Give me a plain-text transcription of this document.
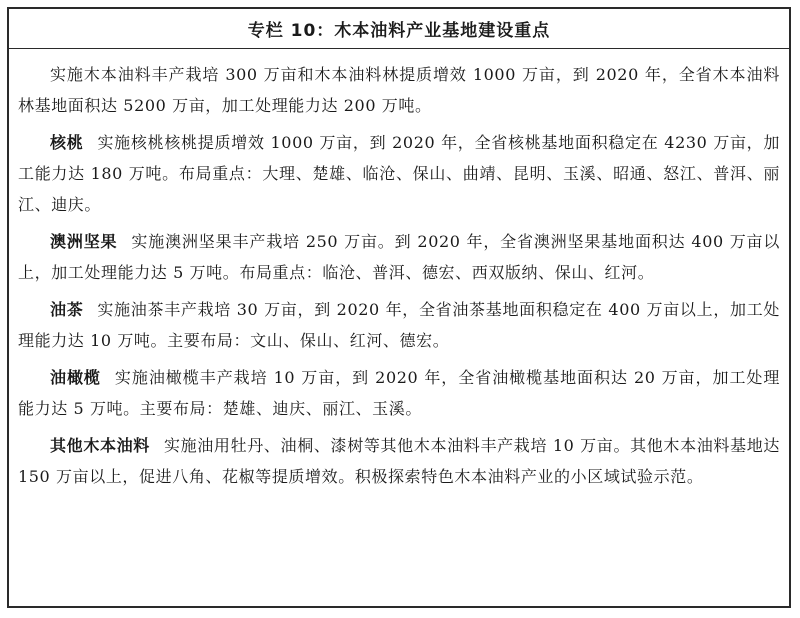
专栏 10：木本油料产业基地建设重点

实施木本油料丰产栽培 300 万亩和木本油料林提质增效 1000 万亩，到 2020 年，全省木本油料林基地面积达 5200 万亩，加工处理能力达 200 万吨。

核桃 实施核桃核桃提质增效 1000 万亩，到 2020 年，全省核桃基地面积稳定在 4230 万亩，加工能力达 180 万吨。布局重点：大理、楚雄、临沧、保山、曲靖、昆明、玉溪、昭通、怒江、普洱、丽江、迪庆。

澳洲坚果 实施澳洲坚果丰产栽培 250 万亩。到 2020 年，全省澳洲坚果基地面积达 400 万亩以上，加工处理能力达 5 万吨。布局重点：临沧、普洱、德宏、西双版纳、保山、红河。

油茶 实施油茶丰产栽培 30 万亩，到 2020 年，全省油茶基地面积稳定在 400 万亩以上，加工处理能力达 10 万吨。主要布局：文山、保山、红河、德宏。

油橄榄 实施油橄榄丰产栽培 10 万亩，到 2020 年，全省油橄榄基地面积达 20 万亩，加工处理能力达 5 万吨。主要布局：楚雄、迪庆、丽江、玉溪。

其他木本油料 实施油用牡丹、油桐、漆树等其他木本油料丰产栽培 10 万亩。其他木本油料基地达 150 万亩以上，促进八角、花椒等提质增效。积极探索特色木本油料产业的小区域试验示范。
